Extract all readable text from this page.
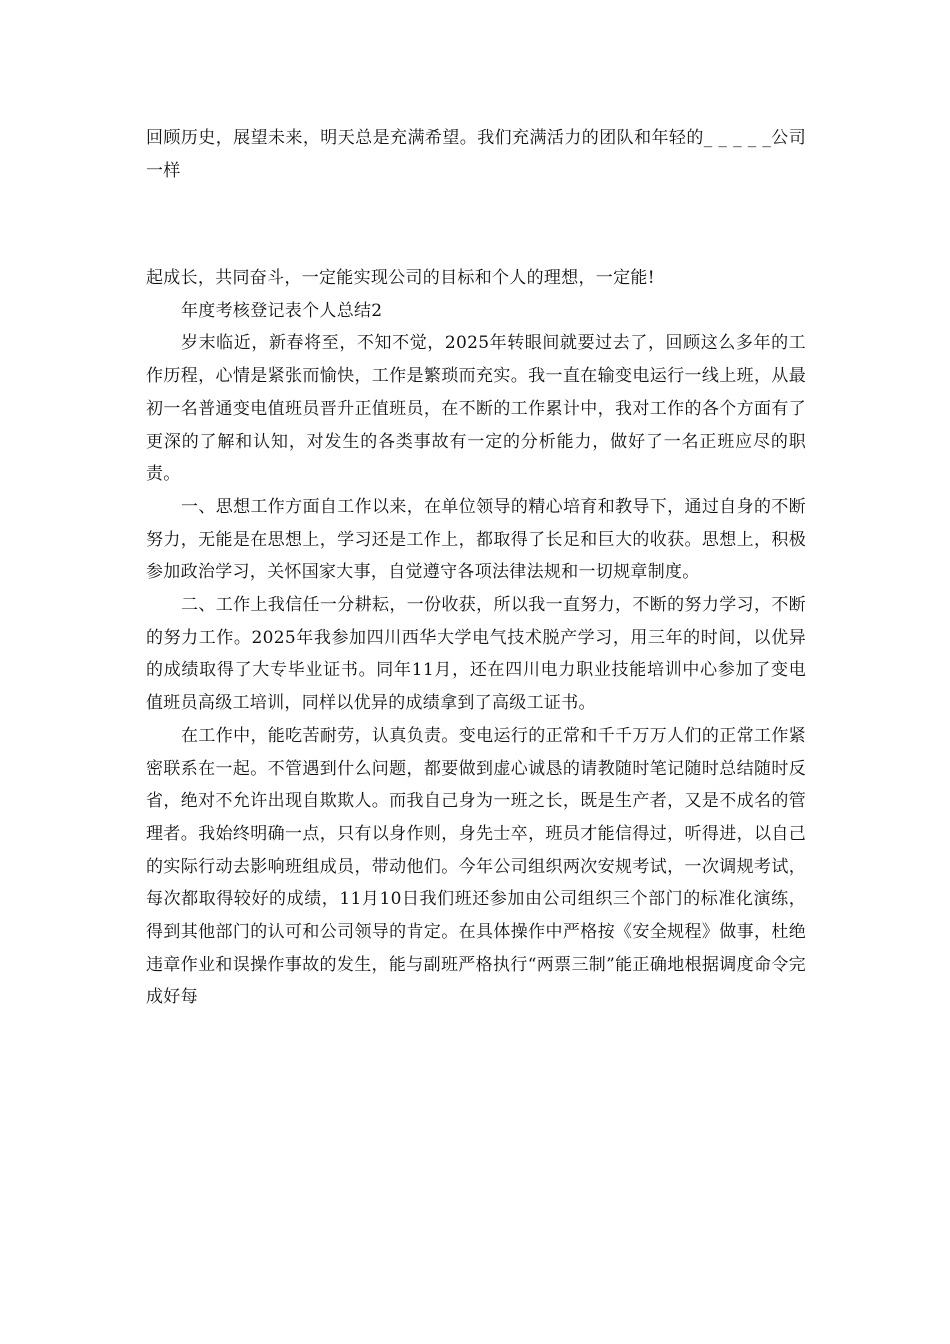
回顾历史，展望未来，明天总是充满希望。我们充满活力的团队和年轻的_ _ _ _ _公司一样

起成长，共同奋斗，一定能实现公司的目标和个人的理想，一定能!

年度考核登记表个人总结2

岁末临近，新春将至，不知不觉，2025年转眼间就要过去了，回顾这么多年的工作历程，心情是紧张而愉快，工作是繁琐而充实。我一直在输变电运行一线上班，从最初一名普通变电值班员晋升正值班员，在不断的工作累计中，我对工作的各个方面有了更深的了解和认知，对发生的各类事故有一定的分析能力，做好了一名正班应尽的职责。

一、思想工作方面自工作以来，在单位领导的精心培育和教导下，通过自身的不断努力，无能是在思想上，学习还是工作上，都取得了长足和巨大的收获。思想上，积极参加政治学习，关怀国家大事，自觉遵守各项法律法规和一切规章制度。

二、工作上我信任一分耕耘，一份收获，所以我一直努力，不断的努力学习，不断的努力工作。2025年我参加四川西华大学电气技术脱产学习，用三年的时间，以优异的成绩取得了大专毕业证书。同年11月，还在四川电力职业技能培训中心参加了变电值班员高级工培训，同样以优异的成绩拿到了高级工证书。

在工作中，能吃苦耐劳，认真负责。变电运行的正常和千千万万人们的正常工作紧密联系在一起。不管遇到什么问题，都要做到虚心诚恳的请教随时笔记随时总结随时反省，绝对不允许出现自欺欺人。而我自己身为一班之长，既是生产者，又是不成名的管理者。我始终明确一点，只有以身作则，身先士卒，班员才能信得过，听得进，以自己的实际行动去影响班组成员，带动他们。今年公司组织两次安规考试，一次调规考试，每次都取得较好的成绩，11月10日我们班还参加由公司组织三个部门的标准化演练，得到其他部门的认可和公司领导的肯定。在具体操作中严格按《安全规程》做事，杜绝违章作业和误操作事故的发生，能与副班严格执行“两票三制”能正确地根据调度命令完成好每
